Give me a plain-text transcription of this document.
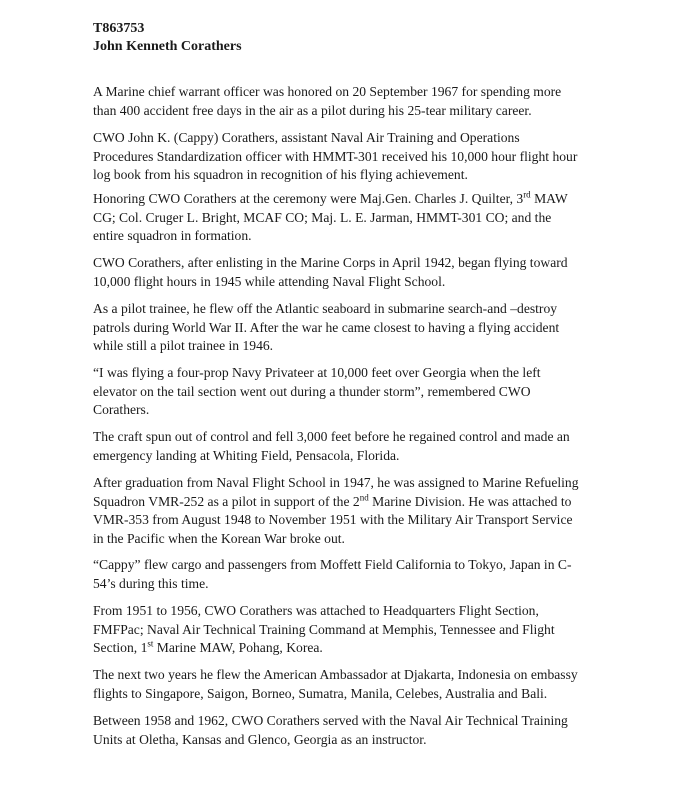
T863753
John Kenneth Corathers
A Marine chief warrant officer was honored on 20 September 1967 for spending more
than 400 accident free days in the air as a pilot during his 25-tear military career.
CWO John K. (Cappy) Corathers, assistant Naval Air Training and Operations
Procedures Standardization officer with HMMT-301 received his 10,000 hour flight hour
log book from his squadron in recognition of his flying achievement.
Honoring CWO Corathers at the ceremony were Maj.Gen. Charles J. Quilter, 3rd MAW
CG; Col. Cruger L. Bright, MCAF CO; Maj. L. E. Jarman, HMMT-301 CO; and the
entire squadron in formation.
CWO Corathers, after enlisting in the Marine Corps in April 1942, began flying toward
10,000 flight hours in 1945 while attending Naval Flight School.
As a pilot trainee, he flew off the Atlantic seaboard in submarine search-and –destroy
patrols during World War II. After the war he came closest to having a flying accident
while still a pilot trainee in 1946.
“I was flying a four-prop Navy Privateer at 10,000 feet over Georgia when the left
elevator on the tail section went out during a thunder storm”, remembered CWO
Corathers.
The craft spun out of control and fell 3,000 feet before he regained control and made an
emergency landing at Whiting Field, Pensacola, Florida.
After graduation from Naval Flight School in 1947, he was assigned to Marine Refueling
Squadron VMR-252 as a pilot in support of the 2nd Marine Division. He was attached to
VMR-353 from August 1948 to November 1951 with the Military Air Transport Service
in the Pacific when the Korean War broke out.
“Cappy” flew cargo and passengers from Moffett Field California to Tokyo, Japan in C-
54’s during this time.
From 1951 to 1956, CWO Corathers was attached to Headquarters Flight Section,
FMFPac; Naval Air Technical Training Command at Memphis, Tennessee and Flight
Section, 1st Marine MAW, Pohang, Korea.
The next two years he flew the American Ambassador at Djakarta, Indonesia on embassy
flights to Singapore, Saigon, Borneo, Sumatra, Manila, Celebes, Australia and Bali.
Between 1958 and 1962, CWO Corathers served with the Naval Air Technical Training
Units at Oletha, Kansas and Glenco, Georgia as an instructor.
